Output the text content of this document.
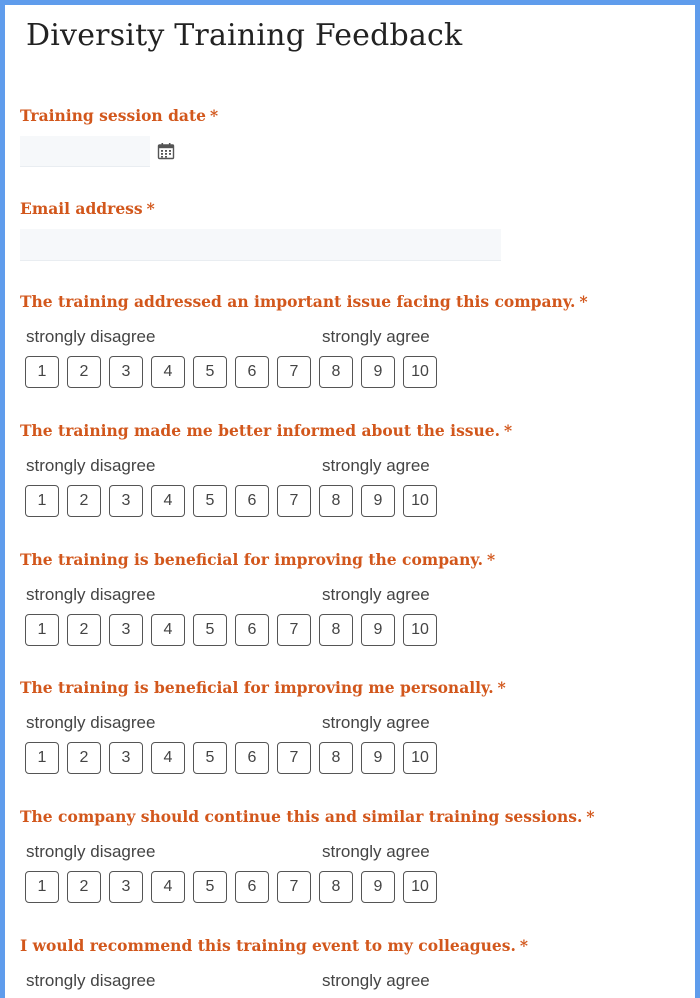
Diversity Training Feedback
Training session date *
Email address *
The training addressed an important issue facing this company. *
strongly disagree	strongly agree
1	2	3	4	5	6	7	8	9	10
The training made me better informed about the issue. *
strongly disagree	strongly agree
1	2	3	4	5	6	7	8	9	10
The training is beneficial for improving the company. *
strongly disagree	strongly agree
1	2	3	4	5	6	7	8	9	10
The training is beneficial for improving me personally. *
strongly disagree	strongly agree
1	2	3	4	5	6	7	8	9	10
The company should continue this and similar training sessions. *
strongly disagree	strongly agree
1	2	3	4	5	6	7	8	9	10
I would recommend this training event to my colleagues. *
strongly disagree	strongly agree
